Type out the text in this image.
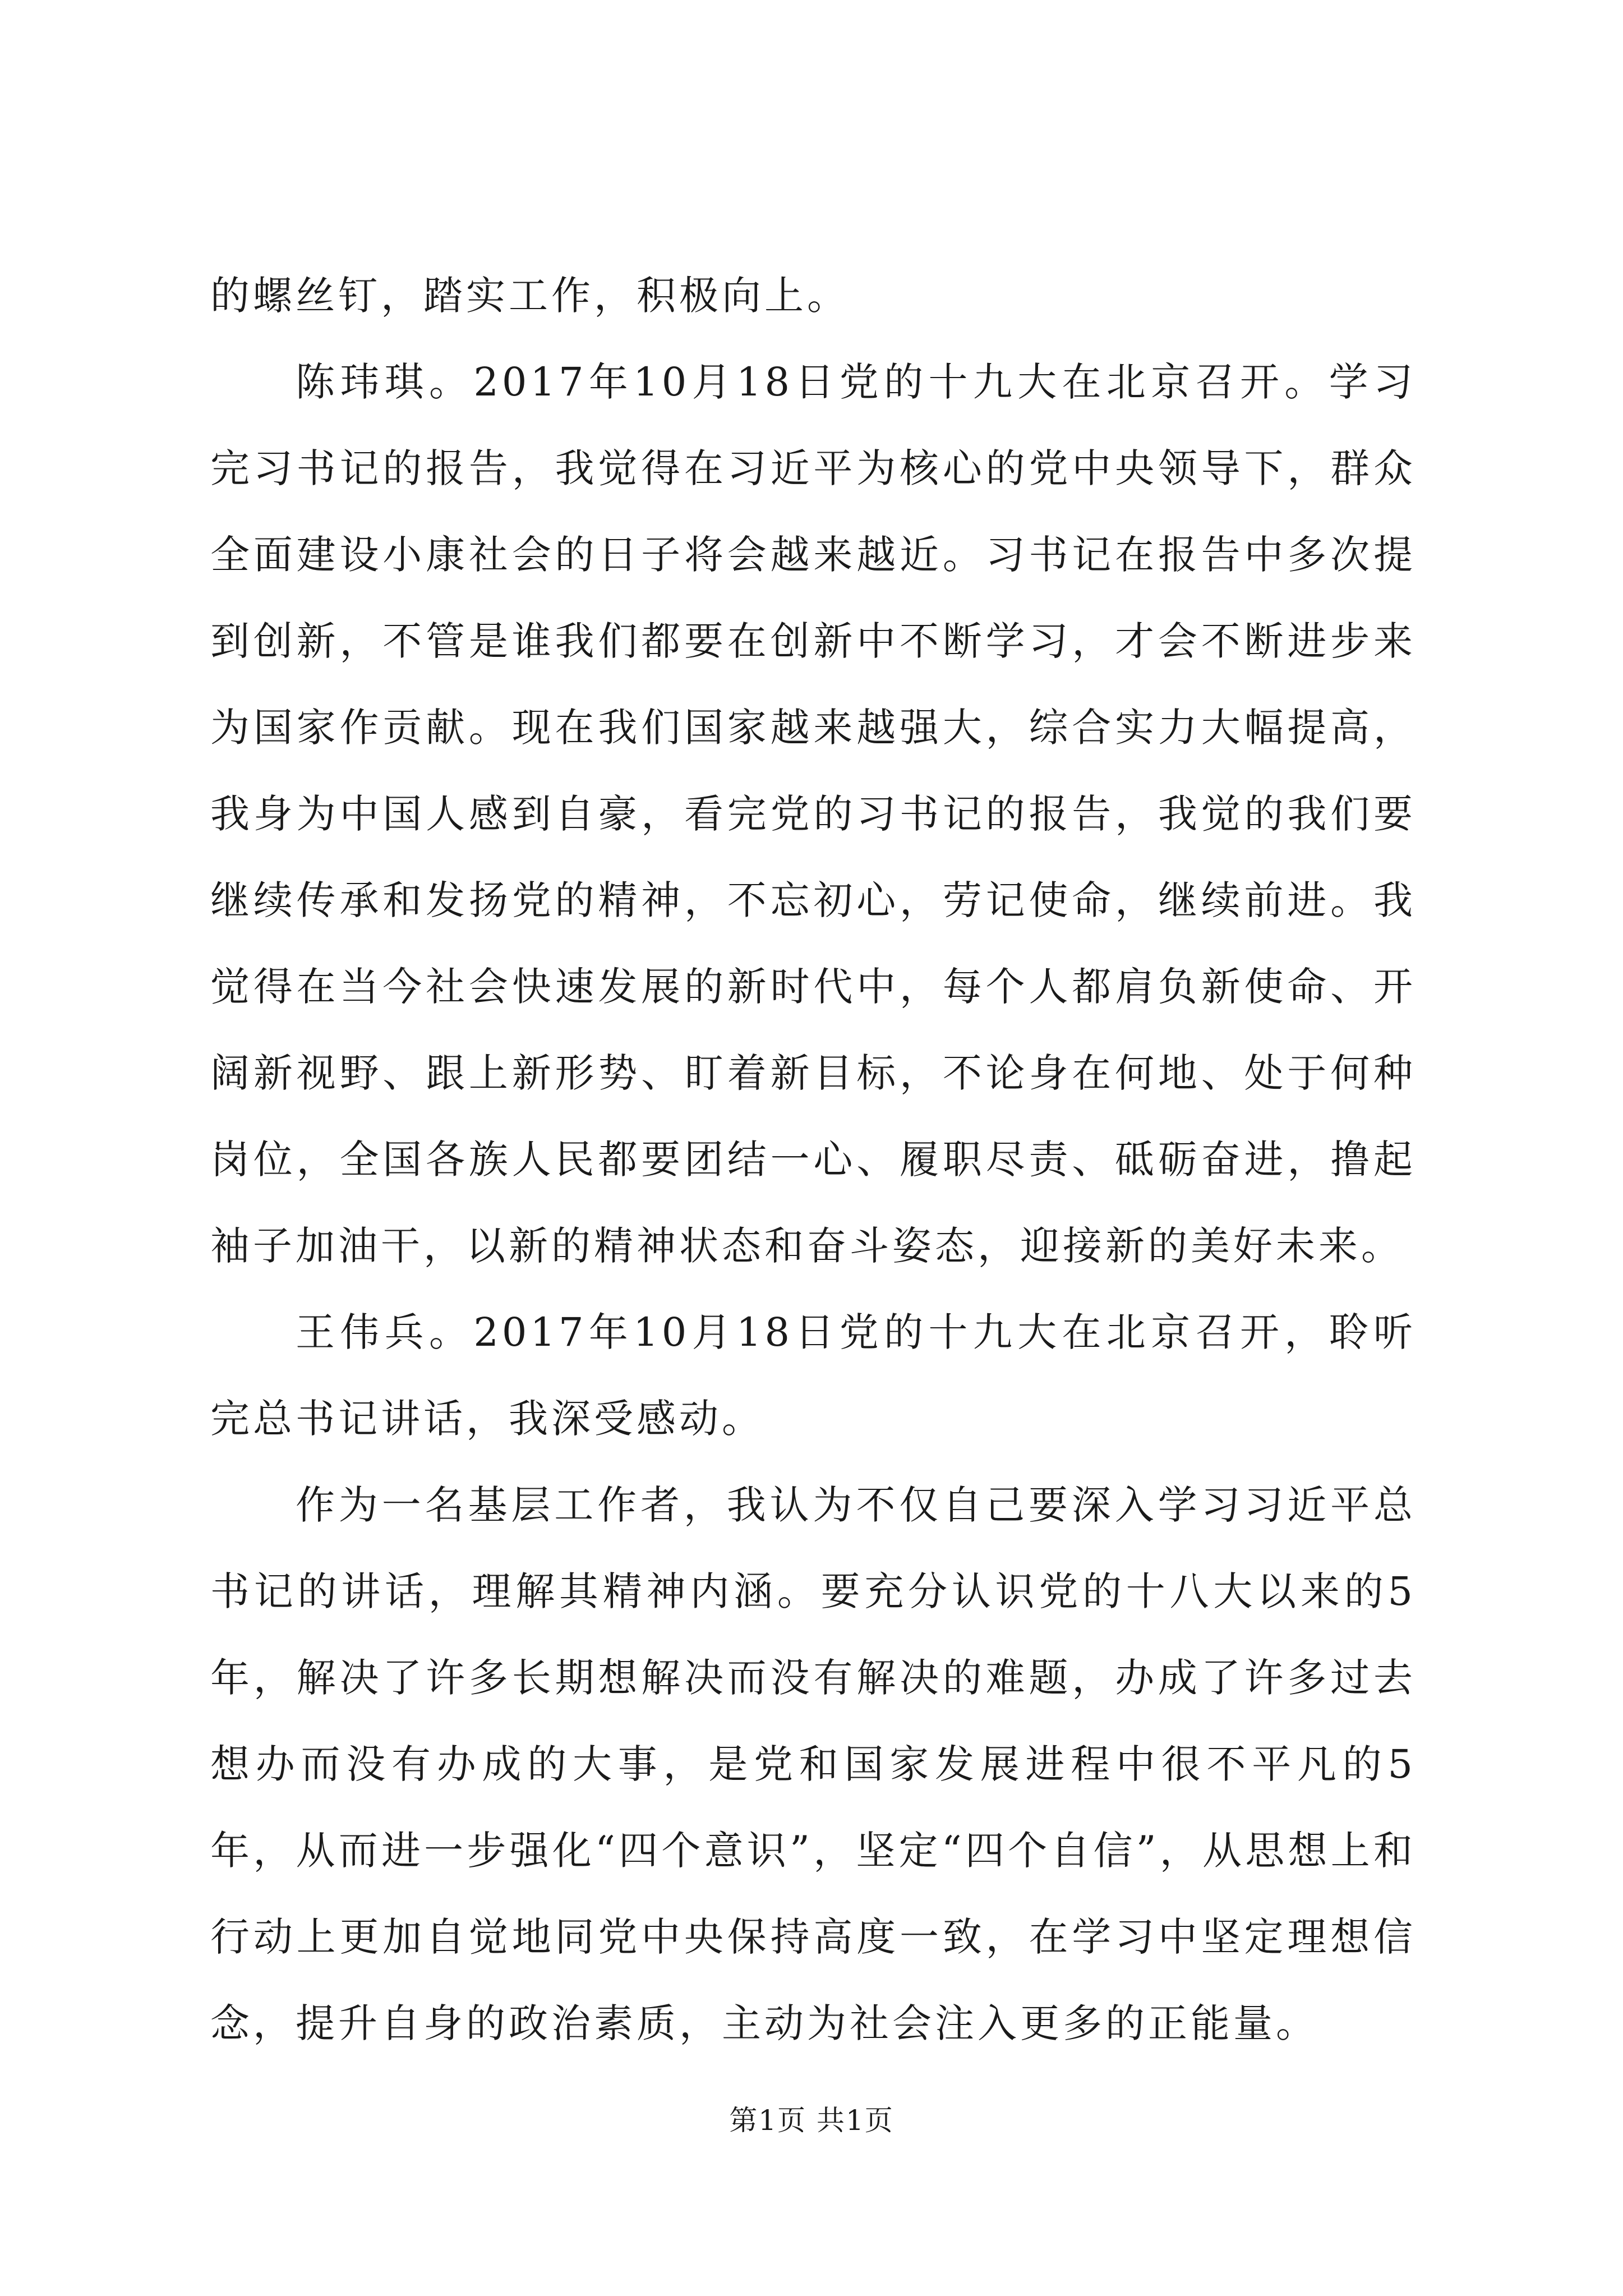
的螺丝钉，踏实工作，积极向上。

陈玮琪。2017年10月18日党的十九大在北京召开。学习完习书记的报告，我觉得在习近平为核心的党中央领导下，群众全面建设小康社会的日子将会越来越近。习书记在报告中多次提到创新，不管是谁我们都要在创新中不断学习，才会不断进步来为国家作贡献。现在我们国家越来越强大，综合实力大幅提高，我身为中国人感到自豪，看完党的习书记的报告，我觉的我们要继续传承和发扬党的精神，不忘初心，劳记使命，继续前进。我觉得在当今社会快速发展的新时代中，每个人都肩负新使命、开阔新视野、跟上新形势、盯着新目标，不论身在何地、处于何种岗位，全国各族人民都要团结一心、履职尽责、砥砺奋进，撸起袖子加油干，以新的精神状态和奋斗姿态，迎接新的美好未来。

王伟兵。2017年10月18日党的十九大在北京召开，聆听完总书记讲话，我深受感动。

作为一名基层工作者，我认为不仅自己要深入学习习近平总书记的讲话，理解其精神内涵。要充分认识党的十八大以来的5年，解决了许多长期想解决而没有解决的难题，办成了许多过去想办而没有办成的大事，是党和国家发展进程中很不平凡的5年，从而进一步强化“四个意识”，坚定“四个自信”，从思想上和行动上更加自觉地同党中央保持高度一致，在学习中坚定理想信念，提升自身的政治素质，主动为社会注入更多的正能量。

第1页 共1页
